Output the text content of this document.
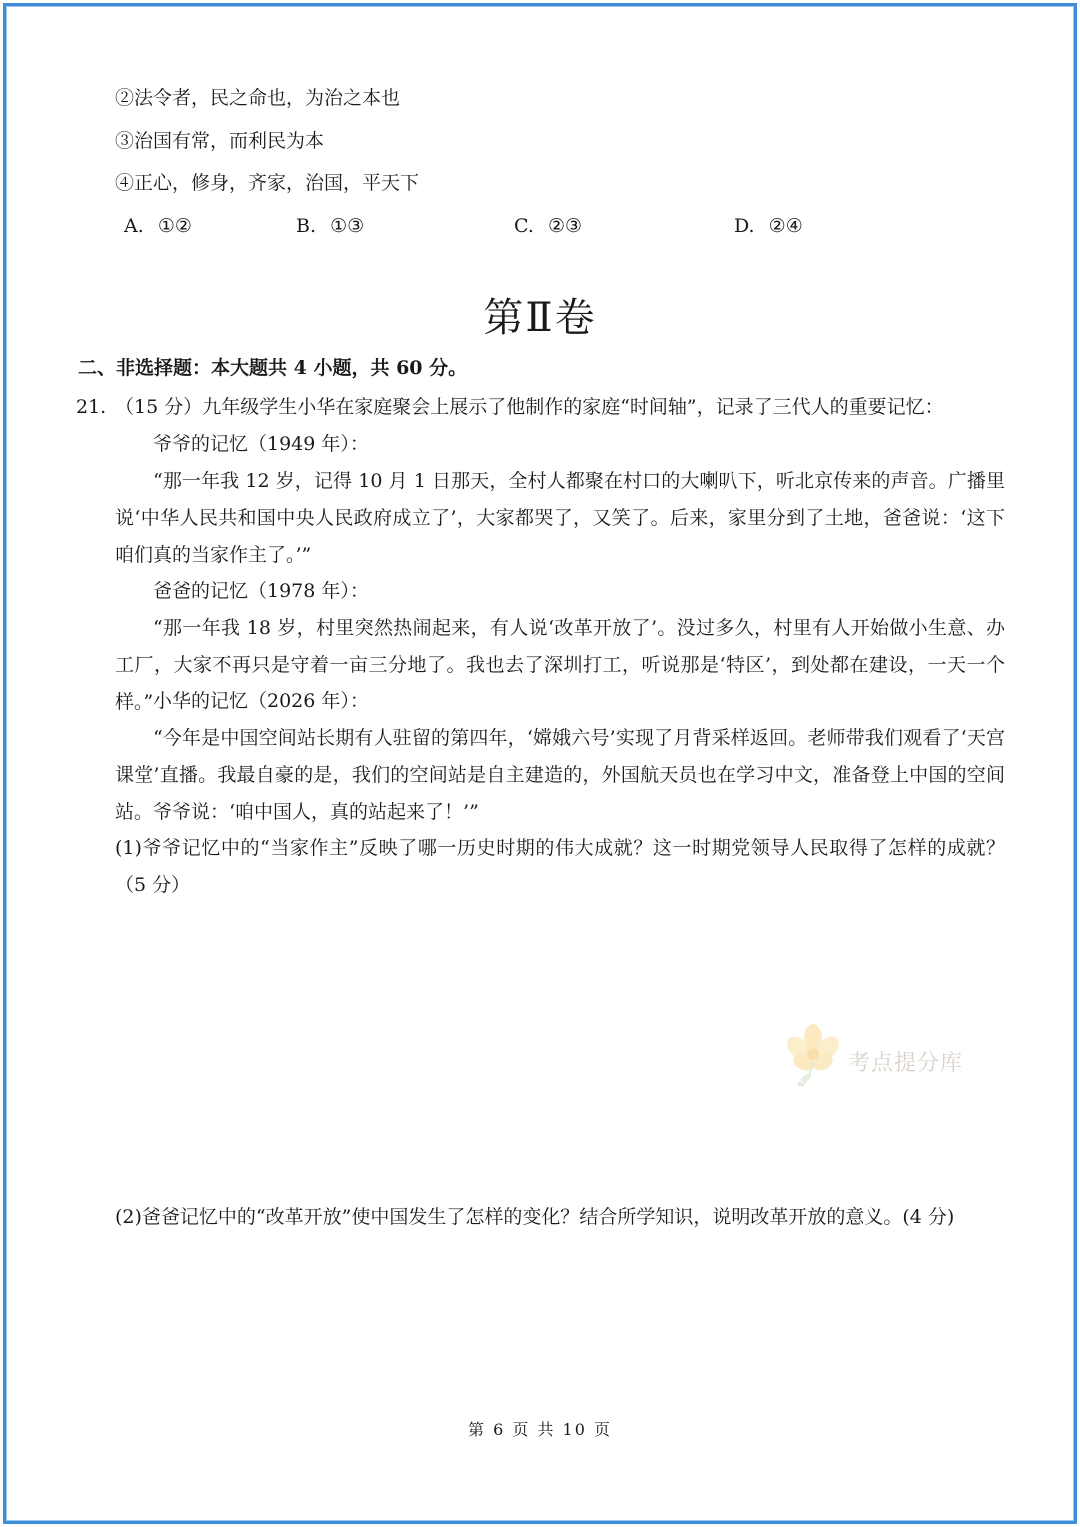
②法令者，民之命也，为治之本也
③治国有常，而利民为本
④正心，修身，齐家，治国，平天下
A. ①②	B. ①③	C. ②③	D. ②④
第Ⅱ卷
二、非选择题：本大题共 4 小题，共 60 分。
21. （15 分）九年级学生小华在家庭聚会上展示了他制作的家庭“时间轴”，记录了三代人的重要记忆：
爷爷的记忆（1949 年）：
“那一年我 12 岁，记得 10 月 1 日那天，全村人都聚在村口的大喇叭下，听北京传来的声音。广播里说‘中华人民共和国中央人民政府成立了’，大家都哭了，又笑了。后来，家里分到了土地，爸爸说：‘这下咱们真的当家作主了。’”
爸爸的记忆（1978 年）：
“那一年我 18 岁，村里突然热闹起来，有人说‘改革开放了’。没过多久，村里有人开始做小生意、办工厂，大家不再只是守着一亩三分地了。我也去了深圳打工，听说那是‘特区’，到处都在建设，一天一个样。” 小华的记忆（2026 年）：
“今年是中国空间站长期有人驻留的第四年，‘嫦娥六号’实现了月背采样返回。老师带我们观看了‘天宫课堂’直播。我最自豪的是，我们的空间站是自主建造的，外国航天员也在学习中文，准备登上中国的空间站。爷爷说：‘咱中国人，真的站起来了！’”
(1)爷爷记忆中的“当家作主”反映了哪一历史时期的伟大成就？这一时期党领导人民取得了怎样的成就？（5 分）
考点提分库
(2)爸爸记忆中的“改革开放”使中国发生了怎样的变化？结合所学知识，说明改革开放的意义。(4 分)
第 6 页 共 10 页
